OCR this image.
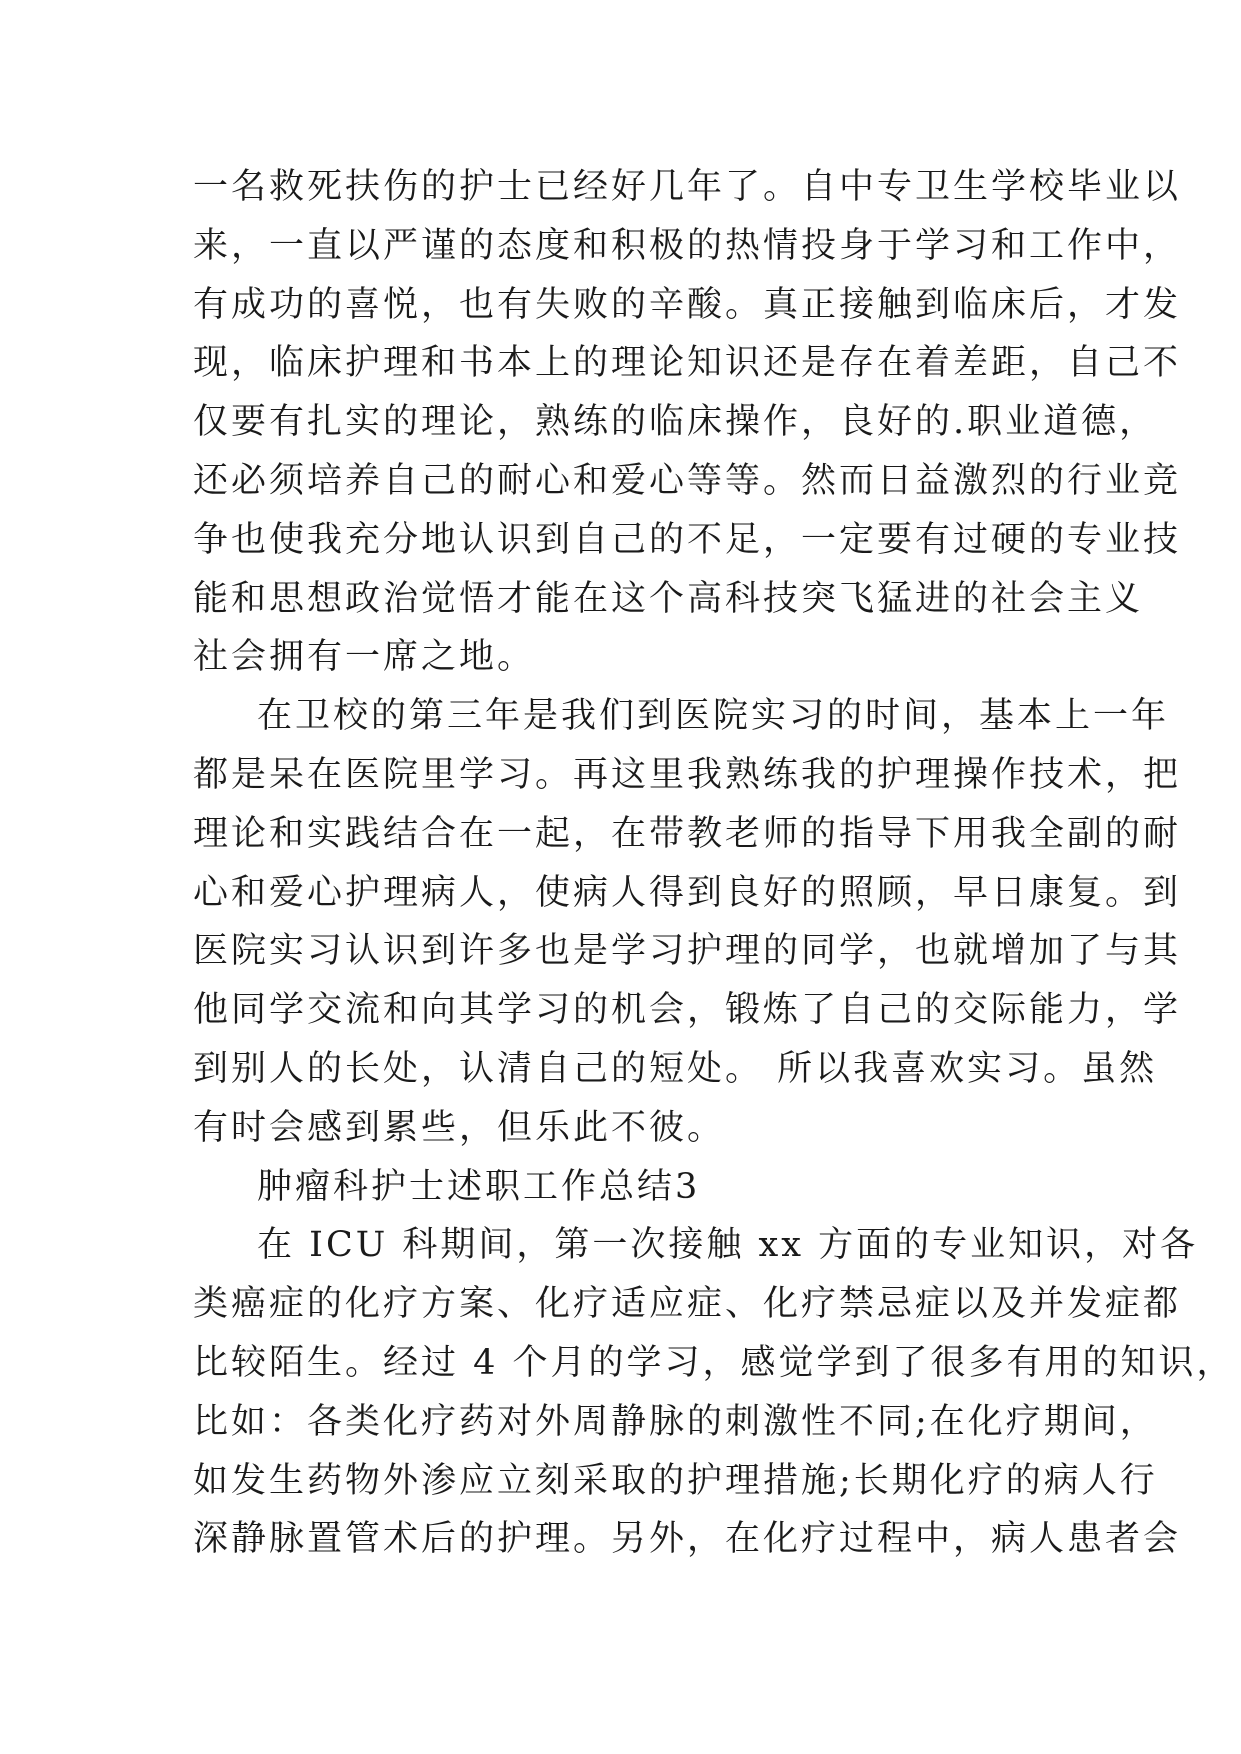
一名救死扶伤的护士已经好几年了。自中专卫生学校毕业以
来，一直以严谨的态度和积极的热情投身于学习和工作中，
有成功的喜悦，也有失败的辛酸。真正接触到临床后，才发
现，临床护理和书本上的理论知识还是存在着差距，自己不
仅要有扎实的理论，熟练的临床操作，良好的.职业道德，
还必须培养自己的耐心和爱心等等。然而日益激烈的行业竞
争也使我充分地认识到自己的不足，一定要有过硬的专业技
能和思想政治觉悟才能在这个高科技突飞猛进的社会主义
社会拥有一席之地。
在卫校的第三年是我们到医院实习的时间，基本上一年
都是呆在医院里学习。再这里我熟练我的护理操作技术，把
理论和实践结合在一起，在带教老师的指导下用我全副的耐
心和爱心护理病人，使病人得到良好的照顾，早日康复。到
医院实习认识到许多也是学习护理的同学，也就增加了与其
他同学交流和向其学习的机会，锻炼了自己的交际能力，学
到别人的长处，认清自己的短处。 所以我喜欢实习。虽然
有时会感到累些，但乐此不彼。
肿瘤科护士述职工作总结3
在 ICU 科期间，第一次接触 xx 方面的专业知识，对各
类癌症的化疗方案、化疗适应症、化疗禁忌症以及并发症都
比较陌生。经过 4 个月的学习，感觉学到了很多有用的知识，
比如：各类化疗药对外周静脉的刺激性不同;在化疗期间，
如发生药物外渗应立刻采取的护理措施;长期化疗的病人行
深静脉置管术后的护理。另外，在化疗过程中，病人患者会
